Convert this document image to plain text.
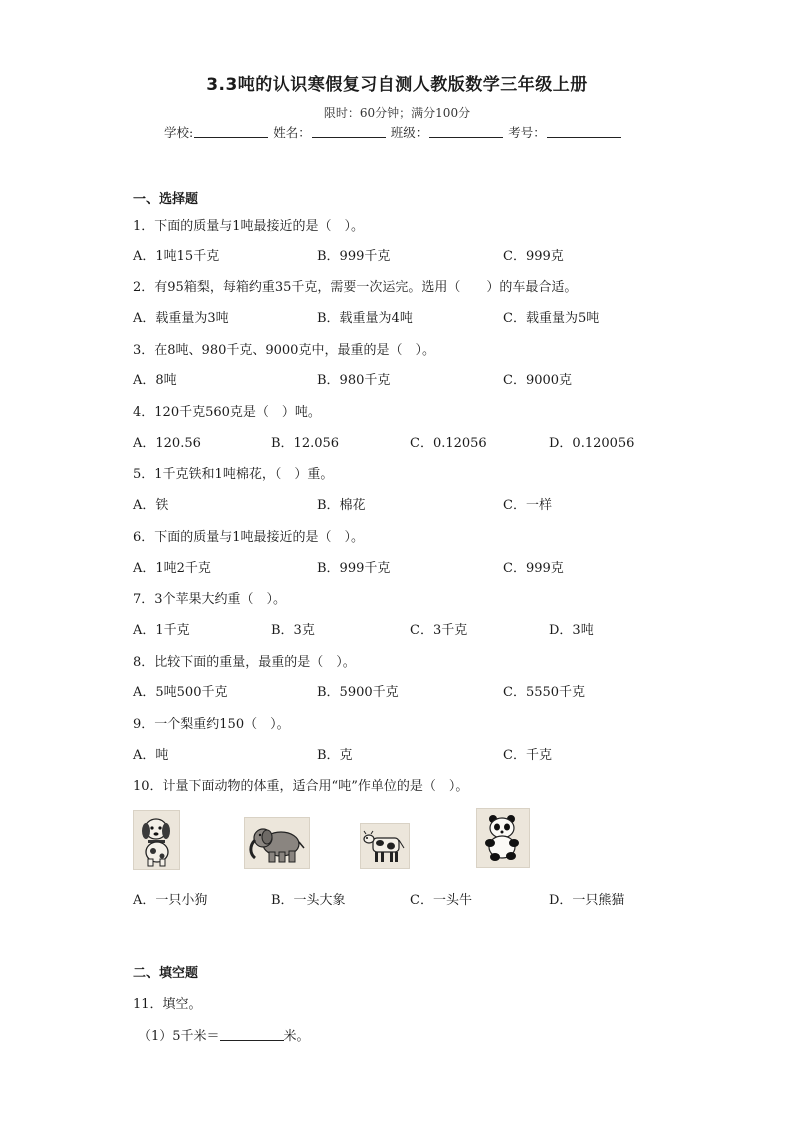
3.3吨的认识寒假复习自测人教版数学三年级上册
限时：60分钟；满分100分
学校:	姓名：	班级：	考号：
一、选择题
1．下面的质量与1吨最接近的是（　）。
A．1吨15千克	B．999千克	C．999克
2．有95箱梨，每箱约重35千克，需要一次运完。选用（　　）的车最合适。
A．载重量为3吨	B．载重量为4吨	C．载重量为5吨
3．在8吨、980千克、9000克中，最重的是（　）。
A．8吨	B．980千克	C．9000克
4．120千克560克是（　）吨。
A．120.56	B．12.056	C．0.12056	D．0.120056
5．1千克铁和1吨棉花，（　）重。
A．铁	B．棉花	C．一样
6．下面的质量与1吨最接近的是（　）。
A．1吨2千克	B．999千克	C．999克
7．3个苹果大约重（　）。
A．1千克	B．3克	C．3千克	D．3吨
8．比较下面的重量，最重的是（　）。
A．5吨500千克	B．5900千克	C．5550千克
9．一个梨重约150（　）。
A．吨	B．克	C．千克
10．计量下面动物的体重，适合用“吨”作单位的是（　）。
A．一只小狗	B．一头大象	C．一头牛	D．一只熊猫
二、填空题
11．填空。
（1）5千米＝	米。
